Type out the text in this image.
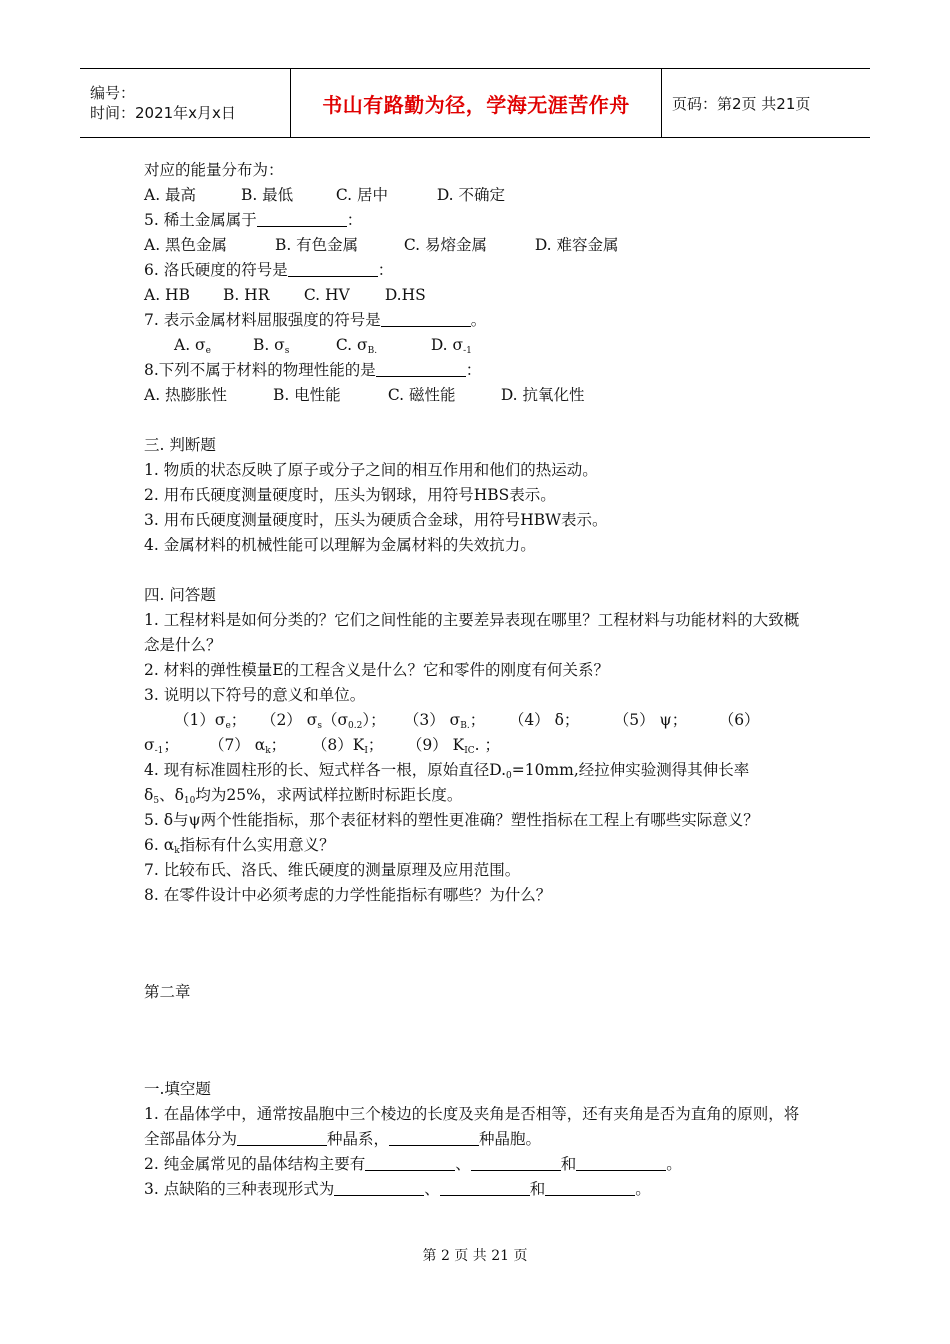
编号：
时间：2021年x月x日	书山有路勤为径，学海无涯苦作舟	页码：第2页 共21页
对应的能量分布为：
A. 最高	B. 最低	C. 居中	D. 不确定
5. 稀土金属属于	：
A. 黑色金属	B. 有色金属	C. 易熔金属	D. 难容金属
6. 洛氏硬度的符号是	：
A. HB B. HR C. HV D.HS
7. 表示金属材料屈服强度的符号是	。
A. $\sigma_e$	B. $\sigma_s$	C. $\sigma_{B.}$	D. $\sigma_{-1}$
8.下列不属于材料的物理性能的是	：
A. 热膨胀性	B. 电性能	C. 磁性能	D. 抗氧化性
三. 判断题
1. 物质的状态反映了原子或分子之间的相互作用和他们的热运动。
2. 用布氏硬度测量硬度时，压头为钢球，用符号HBS表示。
3. 用布氏硬度测量硬度时，压头为硬质合金球，用符号HBW表示。
4. 金属材料的机械性能可以理解为金属材料的失效抗力。
四. 问答题
1. 工程材料是如何分类的？它们之间性能的主要差异表现在哪里？工程材料与功能材料的大致概念是什么？
2. 材料的弹性模量E的工程含义是什么？它和零件的刚度有何关系？
3. 说明以下符号的意义和单位。
$(1)\sigma_e$； （2） $\sigma_s(\sigma_{0.2})$； （3） $\sigma_{B.}$； （4） δ； （5） ψ； （6）
$\sigma_{-1}$； （7） $\alpha_k$； $(8)K_I$； （9） $K_{IC}$. ；
4. 现有标准圆柱形的长、短式样各一根，原始直径$D._0=10mm$,经拉伸实验测得其伸长率
$\delta_5$、$\delta_{10}$均为25%，求两试样拉断时标距长度。
5. δ与ψ两个性能指标，那个表征材料的塑性更准确？塑性指标在工程上有哪些实际意义？
6. $\alpha_k$指标有什么实用意义？
7. 比较布氏、洛氏、维氏硬度的测量原理及应用范围。
8. 在零件设计中必须考虑的力学性能指标有哪些？为什么？
第二章
一.填空题
1. 在晶体学中，通常按晶胞中三个棱边的长度及夹角是否相等，还有夹角是否为直角的原则，将全部晶体分为	种晶系，	种晶胞。
2. 纯金属常见的晶体结构主要有	、	和	。
3. 点缺陷的三种表现形式为	、	和	。
第 2 页 共 21 页
